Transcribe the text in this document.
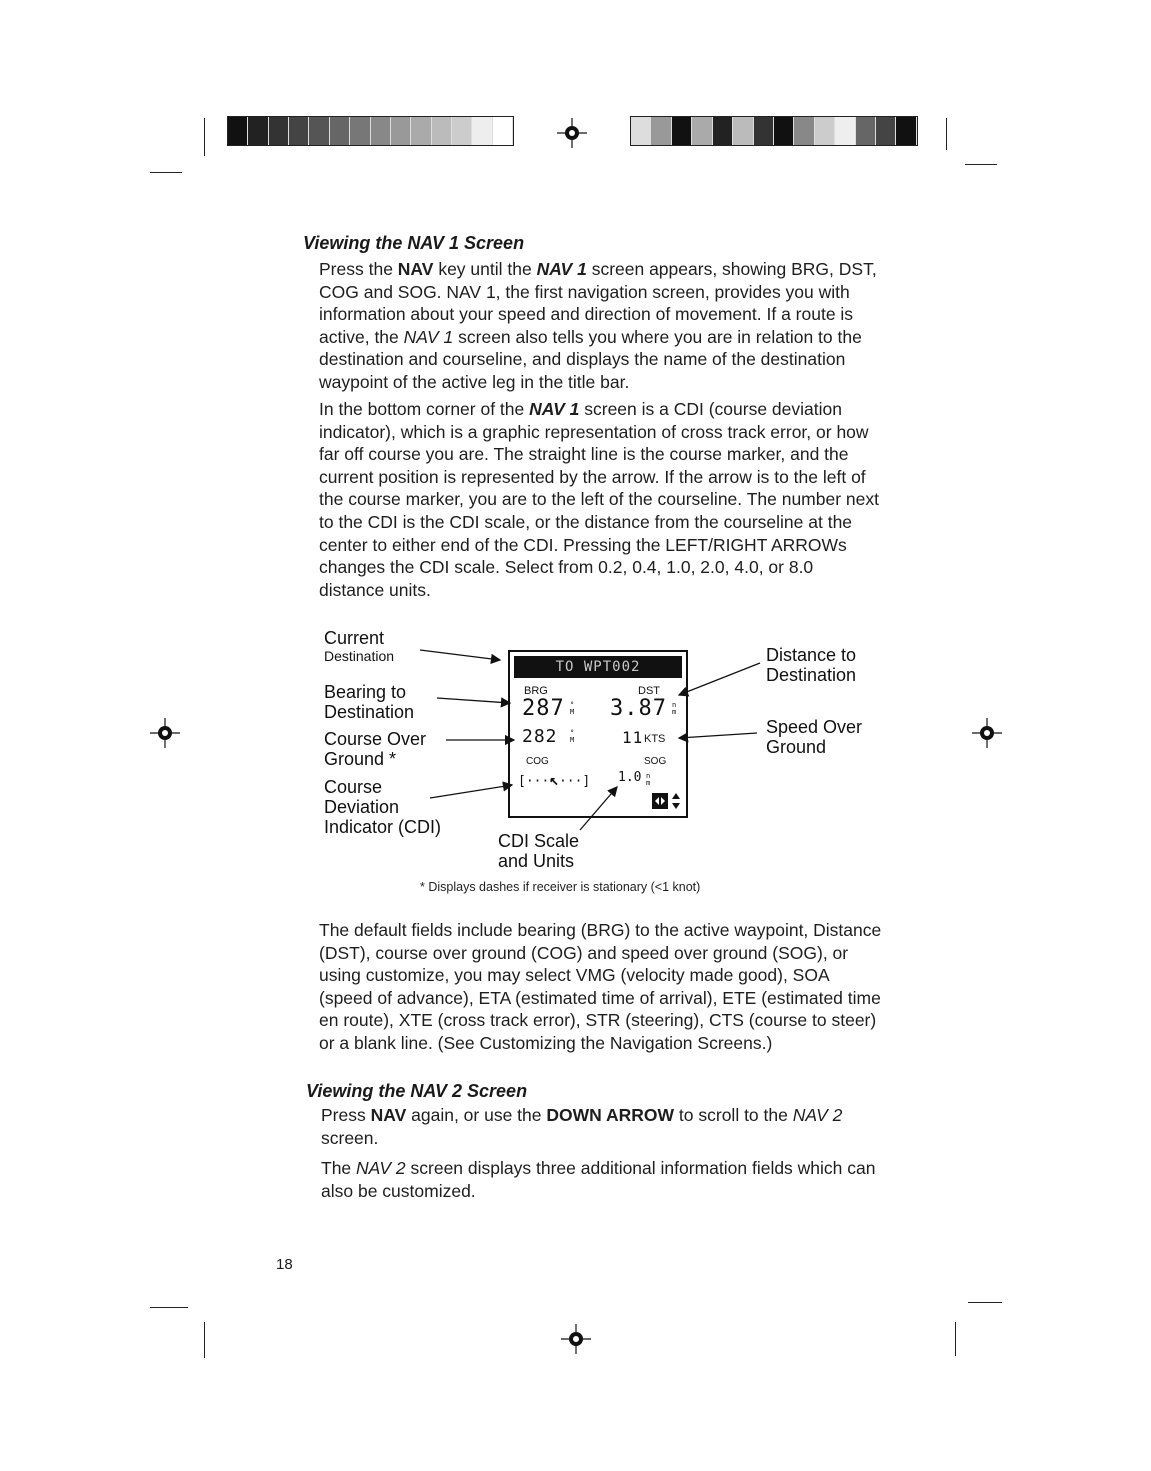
Viewing the NAV 1 Screen

Press the NAV key until the NAV 1 screen appears, showing BRG, DST, COG and SOG. NAV 1, the first navigation screen, provides you with information about your speed and direction of movement. If a route is active, the NAV 1 screen also tells you where you are in relation to the destination and courseline, and displays the name of the destination waypoint of the active leg in the title bar.

In the bottom corner of the NAV 1 screen is a CDI (course deviation indicator), which is a graphic representation of cross track error, or how far off course you are. The straight line is the course marker, and the current position is represented by the arrow. If the arrow is to the left of the course marker, you are to the left of the courseline. The number next to the CDI is the CDI scale, or the distance from the courseline at the center to either end of the CDI. Pressing the LEFT/RIGHT ARROWs changes the CDI scale. Select from 0.2, 0.4, 1.0, 2.0, 4.0, or 8.0 distance units.

Current
Destination
Bearing to
Destination
Course Over
Ground *
Course
Deviation
Indicator (CDI)
CDI Scale
and Units
Distance to
Destination
Speed Over
Ground
TO WPT002
BRG	DST
287 °
M 3.87 n
m
282 °
M	11 KTS
COG	SOG
[···↖···] 1.0 n
m
* Displays dashes if receiver is stationary (<1 knot)

The default fields include bearing (BRG) to the active waypoint, Distance (DST), course over ground (COG) and speed over ground (SOG), or using customize, you may select VMG (velocity made good), SOA (speed of advance), ETA (estimated time of arrival), ETE (estimated time en route), XTE (cross track error), STR (steering), CTS (course to steer) or a blank line. (See Customizing the Navigation Screens.)

Viewing the NAV 2 Screen

Press NAV again, or use the DOWN ARROW to scroll to the NAV 2 screen.

The NAV 2 screen displays three additional information fields which can also be customized.

18
